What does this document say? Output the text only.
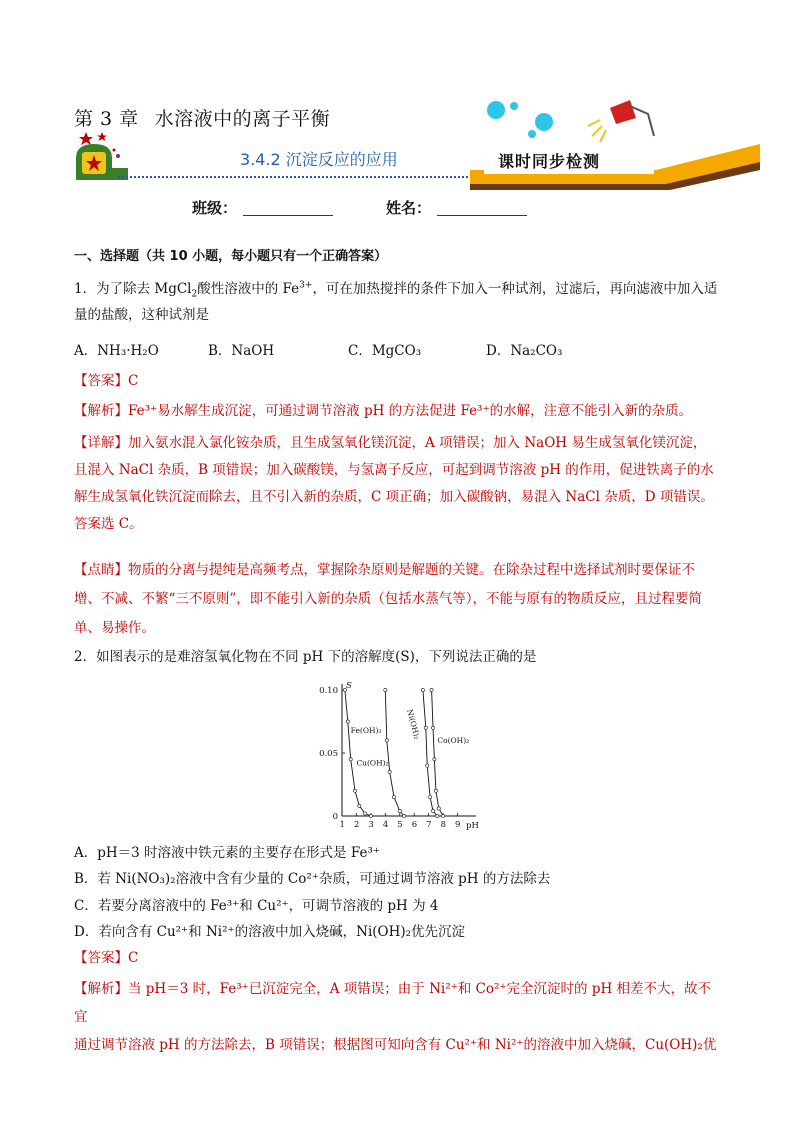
第 3 章 水溶液中的离子平衡
3.4.2 沉淀反应的应用	课时同步检测
班级：	姓名：
一、选择题（共 10 小题，每小题只有一个正确答案）
1．为了除去 MgCl$_2$酸性溶液中的 $Fe^{3+}$，可在加热搅拌的条件下加入一种试剂，过滤后，再向滤液中加入适
量的盐酸，这种试剂是
A．NH₃·H₂O	B．NaOH	C．MgCO₃	D．Na₂CO₃
【答案】C
【解析】Fe³⁺易水解生成沉淀，可通过调节溶液 pH 的方法促进 Fe³⁺的水解，注意不能引入新的杂质。
【详解】加入氨水混入氯化铵杂质，且生成氢氧化镁沉淀，A 项错误；加入 NaOH 易生成氢氧化镁沉淀，
且混入 NaCl 杂质，B 项错误；加入碳酸镁，与氢离子反应，可起到调节溶液 pH 的作用，促进铁离子的水
解生成氢氧化铁沉淀而除去，且不引入新的杂质，C 项正确；加入碳酸钠，易混入 NaCl 杂质，D 项错误。
答案选 C。
【点睛】物质的分离与提纯是高频考点，掌握除杂原则是解题的关键。在除杂过程中选择试剂时要保证不
增、不减、不繁“三不原则”，即不能引入新的杂质（包括水蒸气等），不能与原有的物质反应，且过程要简
单、易操作。
2．如图表示的是难溶氢氧化物在不同 pH 下的溶解度(S)，下列说法正确的是
S
pH
1 2 3 4 5 6 7 8 9
0
0.05
0.10
Fe(OH)₃
Cu(OH)₂
Ni(OH)₂
Co(OH)₂
A．pH＝3 时溶液中铁元素的主要存在形式是 Fe³⁺
B．若 Ni(NO₃)₂溶液中含有少量的 Co²⁺杂质，可通过调节溶液 pH 的方法除去
C．若要分离溶液中的 Fe³⁺和 Cu²⁺，可调节溶液的 pH 为 4
D．若向含有 Cu²⁺和 Ni²⁺的溶液中加入烧碱，Ni(OH)₂优先沉淀
【答案】C
【解析】当 pH＝3 时，Fe³⁺已沉淀完全，A 项错误；由于 Ni²⁺和 Co²⁺完全沉淀时的 pH 相差不大，故不宜
通过调节溶液 pH 的方法除去，B 项错误；根据图可知向含有 Cu²⁺和 Ni²⁺的溶液中加入烧碱，Cu(OH)₂优
